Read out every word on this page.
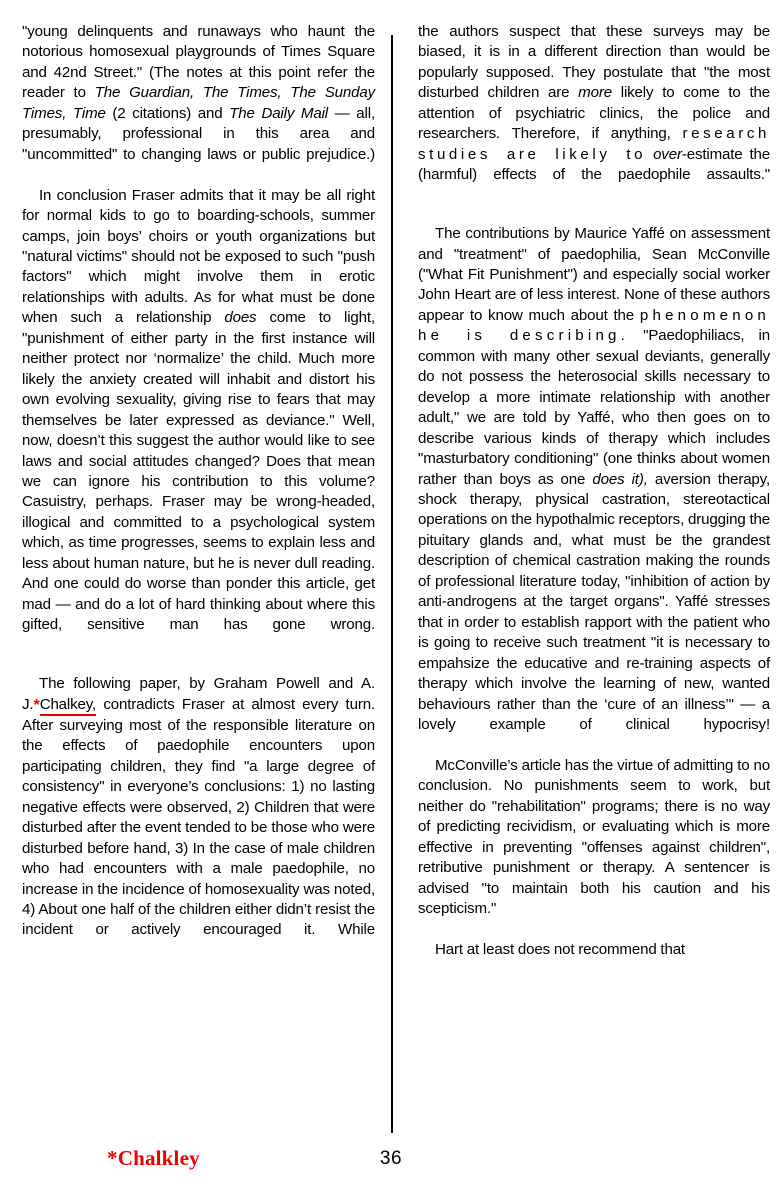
"young delinquents and runaways who haunt the notorious homosexual playgrounds of Times Square and 42nd Street." (The notes at this point refer the reader to The Guardian, The Times, The Sunday Times, Time (2 citations) and The Daily Mail — all, presumably, professional in this area and "uncommitted" to changing laws or public prejudice.)

In conclusion Fraser admits that it may be all right for normal kids to go to boarding-schools, summer camps, join boys’ choirs or youth organizations but "natural victims" should not be exposed to such "push factors" which might involve them in erotic relationships with adults. As for what must be done when such a relationship does come to light, "punishment of either party in the first instance will neither protect nor ‘normalize’ the child. Much more likely the anxiety created will inhabit and distort his own evolving sexuality, giving rise to fears that may themselves be later expressed as deviance." Well, now, doesn’t this suggest the author would like to see laws and social attitudes changed? Does that mean we can ignore his contribution to this volume? Casuistry, perhaps. Fraser may be wrong-headed, illogical and committed to a psychological system which, as time progresses, seems to explain less and less about human nature, but he is never dull reading. And one could do worse than ponder this article, get mad — and do a lot of hard thinking about where this gifted, sensitive man has gone wrong.

The following paper, by Graham Powell and A. J.*Chalkey, contradicts Fraser at almost every turn. After surveying most of the responsible literature on the effects of paedophile encounters upon participating children, they find "a large degree of consistency" in everyone’s conclusions: 1) no lasting negative effects were observed, 2) Children that were disturbed after the event tended to be those who were disturbed before hand, 3) In the case of male children who had encounters with a male paedophile, no increase in the incidence of homosexuality was noted, 4) About one half of the children either didn’t resist the incident or actively encouraged it. While

the authors suspect that these surveys may be biased, it is in a different direction than would be popularly supposed. They postulate that "the most disturbed children are more likely to come to the attention of psychiatric clinics, the police and researchers. Therefore, if anything, research studies are likely to over-estimate the (harmful) effects of the paedophile assaults."

The contributions by Maurice Yaffé on assessment and "treatment" of paedophilia, Sean McConville ("What Fit Punishment") and especially social worker John Heart are of less interest. None of these authors appear to know much about the phenomenon he is describing. "Paedophiliacs, in common with many other sexual deviants, generally do not possess the heterosocial skills necessary to develop a more intimate relationship with another adult," we are told by Yaffé, who then goes on to describe various kinds of therapy which includes "masturbatory conditioning" (one thinks about women rather than boys as one does it), aversion therapy, shock therapy, physical castration, stereotactical operations on the hypothalmic receptors, drugging the pituitary glands and, what must be the grandest description of chemical castration making the rounds of professional literature today, "inhibition of action by anti-androgens at the target organs". Yaffé stresses that in order to establish rapport with the patient who is going to receive such treatment "it is necessary to empahsize the educative and re-training aspects of therapy which involve the learning of new, wanted behaviours rather than the ‘cure of an illness’" — a lovely example of clinical hypocrisy!

McConville’s article has the virtue of admitting to no conclusion. No punishments seem to work, but neither do "rehabilitation" programs; there is no way of predicting recividism, or evaluating which is more effective in preventing "offenses against children", retributive punishment or therapy. A sentencer is advised "to maintain both his caution and his scepticism."

Hart at least does not recommend that

*Chalkley	36
